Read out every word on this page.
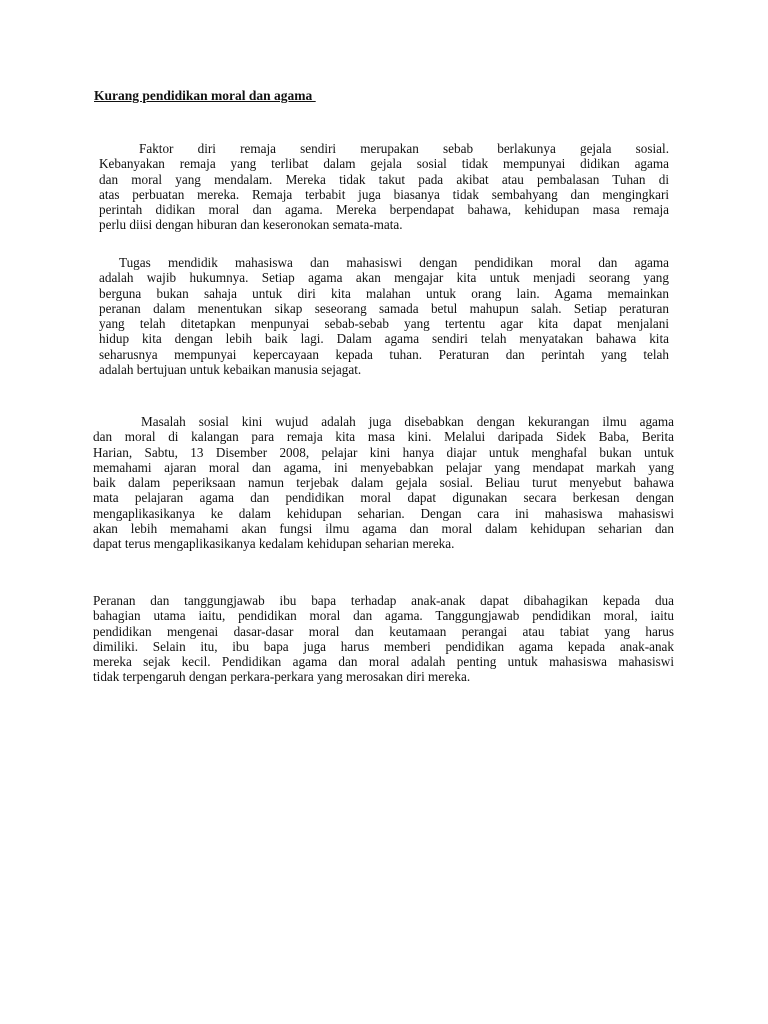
Kurang pendidikan moral dan agama
Faktor diri remaja sendiri merupakan sebab berlakunya gejala sosial.
Kebanyakan remaja yang terlibat dalam gejala sosial tidak mempunyai didikan agama
dan moral yang mendalam. Mereka tidak takut pada akibat atau pembalasan Tuhan di
atas perbuatan mereka. Remaja terbabit juga biasanya tidak sembahyang dan mengingkari
perintah didikan moral dan agama. Mereka berpendapat bahawa, kehidupan masa remaja
perlu diisi dengan hiburan dan keseronokan semata-mata.
Tugas mendidik mahasiswa dan mahasiswi dengan pendidikan moral dan agama
adalah wajib hukumnya. Setiap agama akan mengajar kita untuk menjadi seorang yang
berguna bukan sahaja untuk diri kita malahan untuk orang lain. Agama memainkan
peranan dalam menentukan sikap seseorang samada betul mahupun salah. Setiap peraturan
yang telah ditetapkan menpunyai sebab-sebab yang tertentu agar kita dapat menjalani
hidup kita dengan lebih baik lagi. Dalam agama sendiri telah menyatakan bahawa kita
seharusnya mempunyai kepercayaan kepada tuhan. Peraturan dan perintah yang telah
adalah bertujuan untuk kebaikan manusia sejagat.
Masalah sosial kini wujud adalah juga disebabkan dengan kekurangan ilmu agama
dan moral di kalangan para remaja kita masa kini. Melalui daripada Sidek Baba, Berita
Harian, Sabtu, 13 Disember 2008, pelajar kini hanya diajar untuk menghafal bukan untuk
memahami ajaran moral dan agama, ini menyebabkan pelajar yang mendapat markah yang
baik dalam peperiksaan namun terjebak dalam gejala sosial. Beliau turut menyebut bahawa
mata pelajaran agama dan pendidikan moral dapat digunakan secara berkesan dengan
mengaplikasikanya ke dalam kehidupan seharian. Dengan cara ini mahasiswa mahasiswi
akan lebih memahami akan fungsi ilmu agama dan moral dalam kehidupan seharian dan
dapat terus mengaplikasikanya kedalam kehidupan seharian mereka.
Peranan dan tanggungjawab ibu bapa terhadap anak-anak dapat dibahagikan kepada dua
bahagian utama iaitu, pendidikan moral dan agama. Tanggungjawab pendidikan moral, iaitu
pendidikan mengenai dasar-dasar moral dan keutamaan perangai atau tabiat yang harus
dimiliki. Selain itu, ibu bapa juga harus memberi pendidikan agama kepada anak-anak
mereka sejak kecil. Pendidikan agama dan moral adalah penting untuk mahasiswa mahasiswi
tidak terpengaruh dengan perkara-perkara yang merosakan diri mereka.
